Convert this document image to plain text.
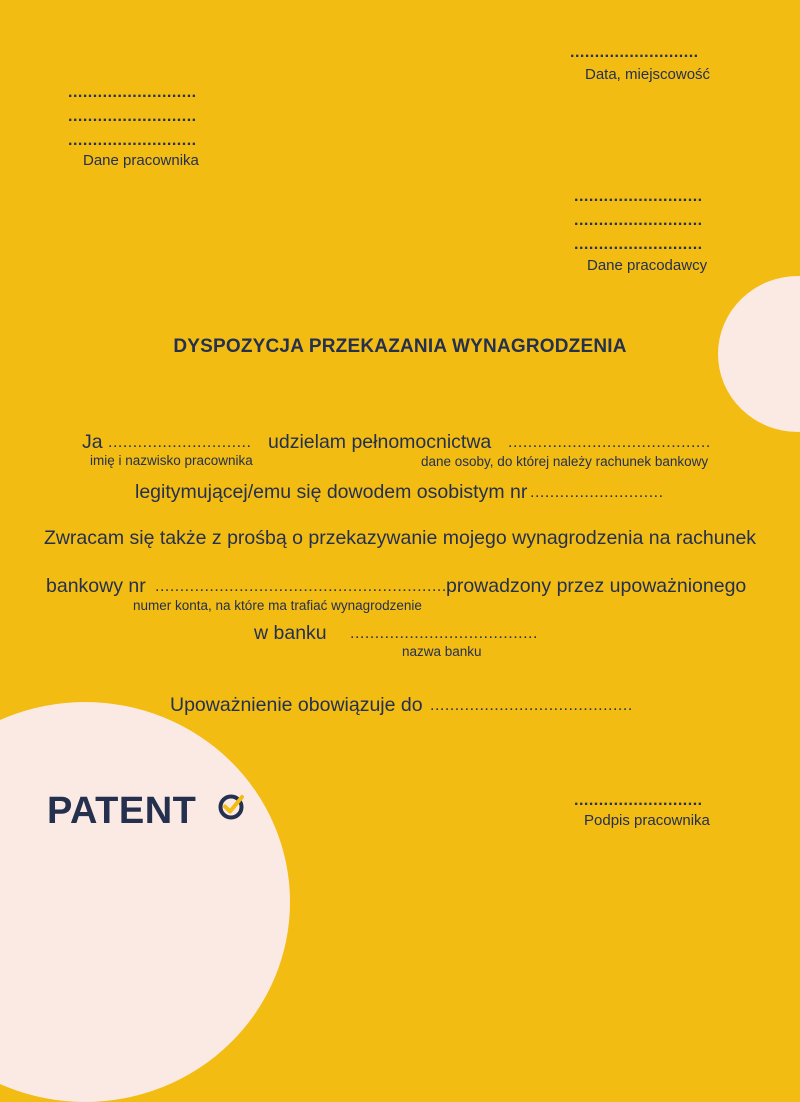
..........................
Data, miejscowość
..........................
..........................
..........................
Dane pracownika
..........................
..........................
..........................
Dane pracodawcy
DYSPOZYCJA PRZEKAZANIA WYNAGRODZENIA
Ja ............................. udzielam pełnomocnictwa .........................................
imię i nazwisko pracownika	dane osoby, do której należy rachunek bankowy
legitymującej/emu się dowodem osobistym nr ...........................
Zwracam się także z prośbą o przekazywanie mojego wynagrodzenia na rachunek
bankowy nr ..............................................................
prowadzony przez upoważnionego
numer konta, na które ma trafiać wynagrodzenie
w banku ......................................
nazwa banku
Upoważnienie obowiązuje do .........................................
..........................
Podpis pracownika
PATENT
